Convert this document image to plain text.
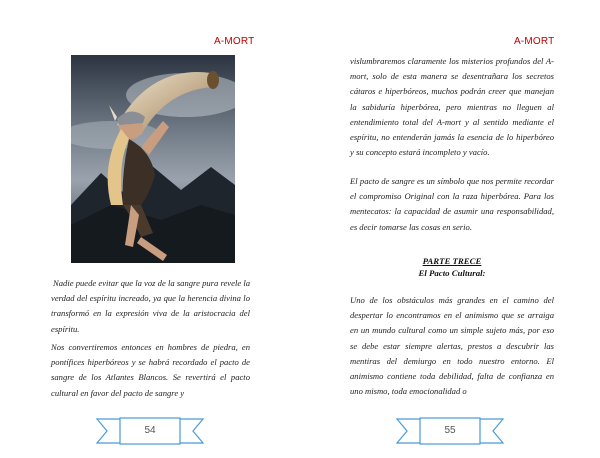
A-MORT

Nadie puede evitar que la voz de la sangre pura revele la verdad del espíritu increado, ya que la herencia divina lo transformó en la expresión viva de la aristocracia del espíritu.

Nos convertiremos entonces en hombres de piedra, en pontífices hiperbóreos y se habrá recordado el pacto de sangre de los Atlantes Blancos. Se revertirá el pacto cultural en favor del pacto de sangre y

54
A-MORT

vislumbraremos claramente los misterios profundos del A-mort, solo de esta manera se desentrañara los secretos cátaros e hiperbóreos, muchos podrán creer que manejan la sabiduría hiperbórea, pero mientras no lleguen al entendimiento total del A-mort y al sentido mediante el espíritu, no entenderán jamás la esencia de lo hiperbóreo y su concepto estará incompleto y vacío.

El pacto de sangre es un símbolo que nos permite recordar el compromiso Original con la raza hiperbórea. Para los mentecatos: la capacidad de asumir una responsabilidad, es decir tomarse las cosas en serio.

PARTE TRECE
El Pacto Cultural:

Uno de los obstáculos más grandes en el camino del despertar lo encontramos en el animismo que se arraiga en un mundo cultural como un simple sujeto más, por eso se debe estar siempre alertas, prestos a descubrir las mentiras del demiurgo en todo nuestro entorno. El animismo contiene toda debilidad, falta de confianza en uno mismo, toda emocionalidad o

55
